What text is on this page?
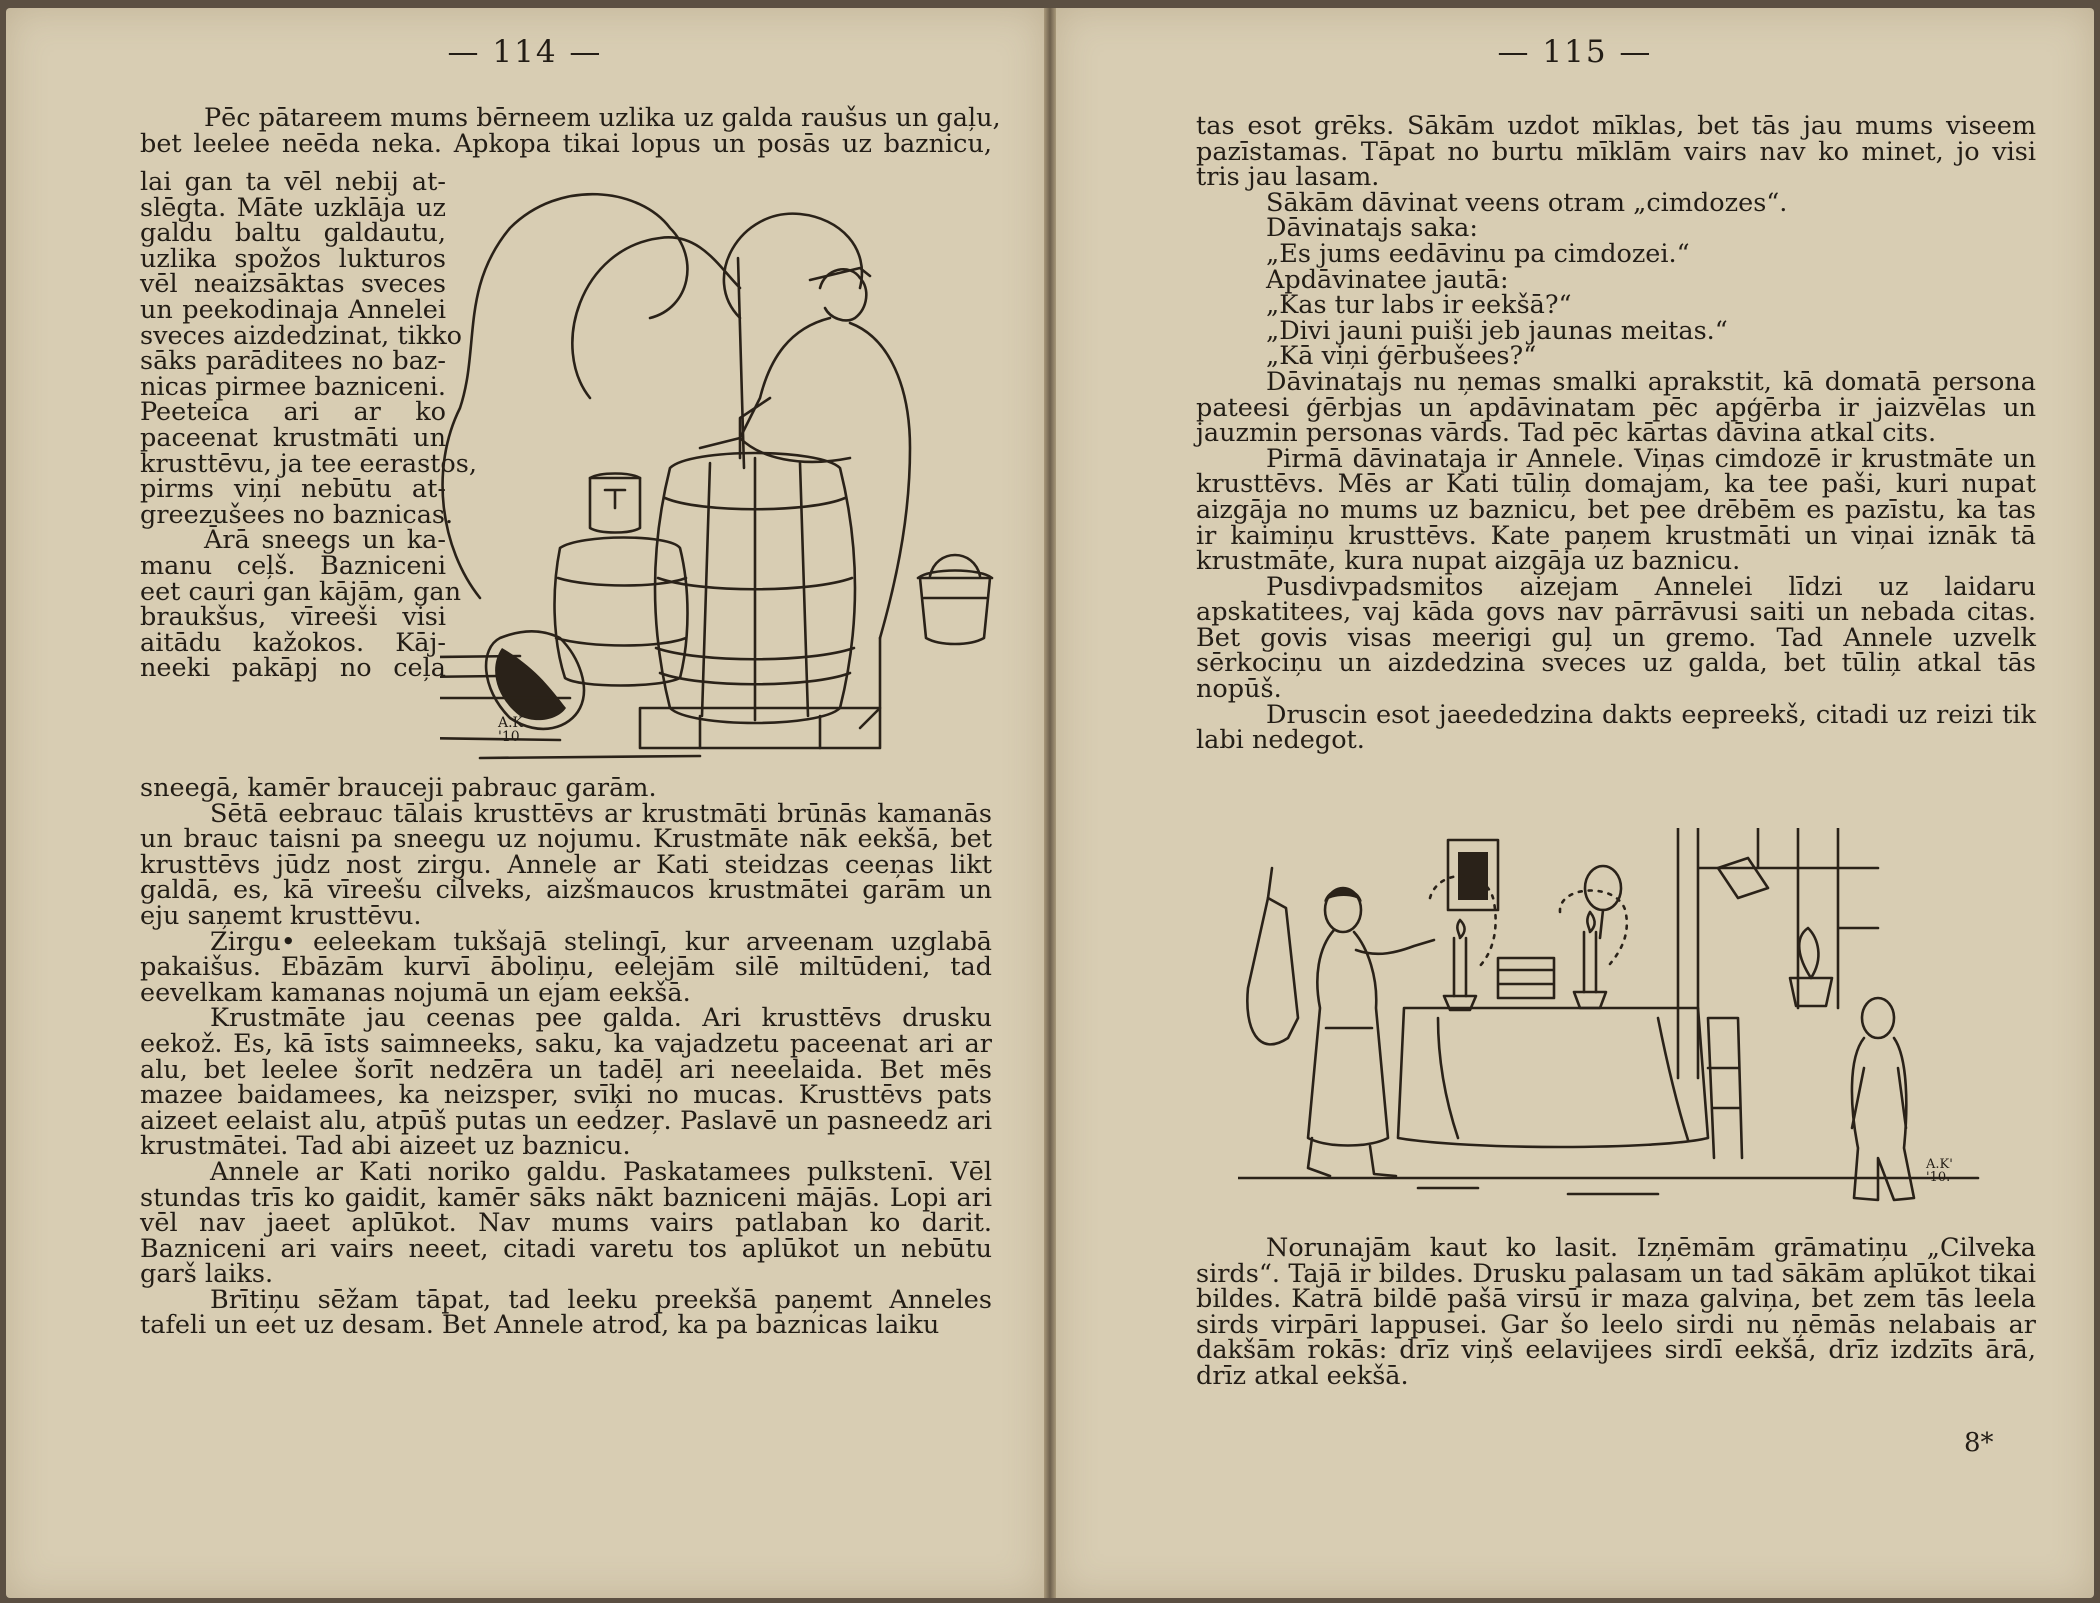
— 114 —
Pēc pātareem mums bērneem uzlika uz galda raušus un gaļu,
bet leelee neēda neka. Apkopa tikai lopus un posās uz baznicu,
lai gan ta vēl nebij at-
slēgta. Māte uzklāja uz
galdu baltu galdautu,
uzlika spožos lukturos
vēl neaizsāktas sveces
un peekodinaja Annelei
sveces aizdedzinat, tikko
sāks parāditees no baz-
nicas pirmee bazniceni.
Peeteica ari ar ko
paceenat krustmāti un
krusttēvu, ja tee eerastos,
pirms viņi nebūtu at-
greezušees no baznicas.
Ārā sneegs un ka-
manu ceļš. Bazniceni
eet cauri gan kājām, gan
braukšus, vīreeši visi
aitādu kažokos. Kāj-
neeki pakāpj no ceļa
A.K
'10

sneegā, kamēr brauceji pabrauc garām.

Sētā eebrauc tālais krusttēvs ar krustmāti brūnās kamanās un brauc taisni pa sneegu uz nojumu. Krustmāte nāk eekšā, bet krusttēvs jūdz nost zirgu. Annele ar Kati steidzas ceeņas likt galdā, es, kā vīreešu cilveks, aizšmaucos krustmātei garām un eju saņemt krusttēvu.

Zirgu• eeleekam tukšajā stelingī, kur arveenam uzglabā pakaišus. Ebāzām kurvī āboliņu, eelejām silē miltūdeni, tad eevelkam kamanas nojumā un ejam eekšā.

Krustmāte jau ceenas pee galda. Ari krusttēvs drusku eekož. Es, kā īsts saimneeks, saku, ka vajadzetu paceenat ari ar alu, bet leelee šorīt nedzēra un tadēļ ari neeelaida. Bet mēs mazee baidamees, ka neizsper, svīķi no mucas. Krusttēvs pats aizeet eelaist alu, atpūš putas un eedzeŗ. Paslavē un pasneedz ari krustmātei. Tad abi aizeet uz baznicu.

Annele ar Kati noriko galdu. Paskatamees pulkstenī. Vēl stundas trīs ko gaidit, kamēr sāks nākt bazniceni mājās. Lopi ari vēl nav jaeet aplūkot. Nav mums vairs patlaban ko darit. Bazniceni ari vairs neeet, citadi varetu tos aplūkot un nebūtu garš laiks.

Brītiņu sēžam tāpat, tad leeku preekšā paņemt Anneles tafeli un eet uz desam. Bet Annele atrod, ka pa baznicas laiku

— 115 —

tas esot grēks. Sākām uzdot mīklas, bet tās jau mums viseem pazīstamas. Tāpat no burtu mīklām vairs nav ko minet, jo visi tris jau lasam.

Sākām dāvinat veens otram „cimdozes“.

Dāvinatajs saka:

„Es jums eedāvinu pa cimdozei.“

Apdāvinatee jautā:

„Kas tur labs ir eekšā?“

„Divi jauni puiši jeb jaunas meitas.“

„Kā viņi ģērbušees?“

Dāvinatajs nu ņemas smalki aprakstit, kā domatā persona pateesi ģērbjas un apdāvinatam pēc apģērba ir jaizvēlas un jauzmin personas vārds. Tad pēc kārtas dāvina atkal cits.

Pirmā dāvinataja ir Annele. Viņas cimdozē ir krustmāte un krusttēvs. Mēs ar Kati tūliņ domajam, ka tee paši, kuri nupat aizgāja no mums uz baznicu, bet pee drēbēm es pazīstu, ka tas ir kaimiņu krusttēvs. Kate paņem krustmāti un viņai iznāk tā krustmāte, kura nupat aizgāja uz baznicu.

Pusdivpadsmitos aizejam Annelei līdzi uz laidaru apskatitees, vaj kāda govs nav pārrāvusi saiti un nebada citas. Bet govis visas meerigi guļ un gremo. Tad Annele uzvelk sērkociņu un aizdedzina sveces uz galda, bet tūliņ atkal tās nopūš.

Druscin esot jaeededzina dakts eepreekš, citadi uz reizi tik labi nedegot.

A.K'
'10.

Norunajām kaut ko lasit. Izņēmām grāmatiņu „Cilveka sirds“. Tajā ir bildes. Drusku palasam un tad sākām aplūkot tikai bildes. Katrā bildē pašā virsū ir maza galviņa, bet zem tās leela sirds virpāri lappusei. Gar šo leelo sirdi nu ņēmās nelabais ar dakšām rokās: drīz viņš eelavijees sirdī eekšā, drīz izdzīts ārā, drīz atkal eekšā.

8*
